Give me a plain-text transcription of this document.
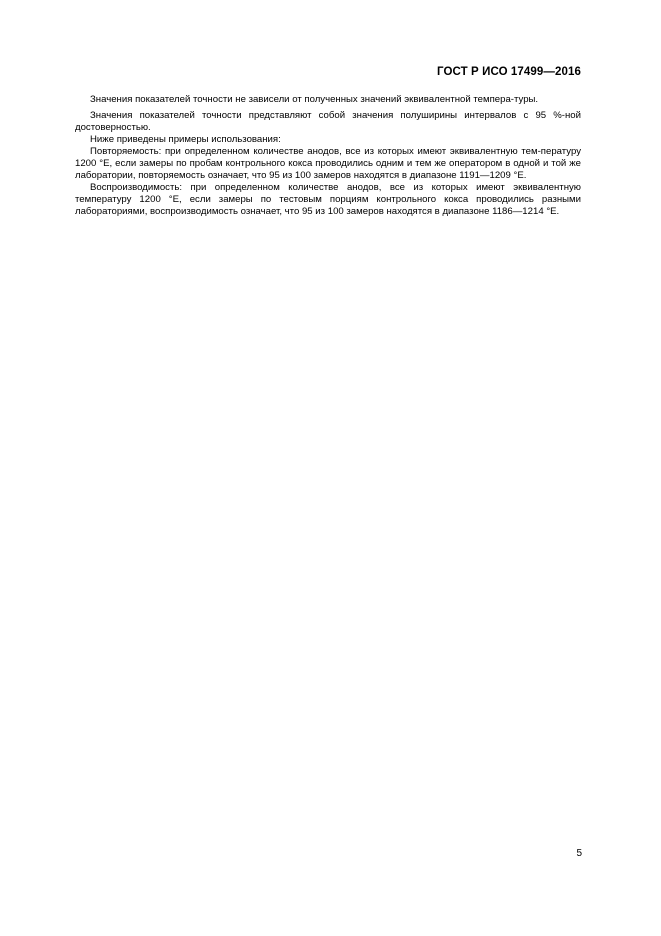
ГОСТ Р ИСО 17499—2016

Значения показателей точности не зависели от полученных значений эквивалентной темпера-туры.

Значения показателей точности представляют собой значения полуширины интервалов с 95 %-ной достоверностью.

Ниже приведены примеры использования:

Повторяемость: при определенном количестве анодов, все из которых имеют эквивалентную тем-пературу 1200 °Е, если замеры по пробам контрольного кокса проводились одним и тем же оператором в одной и той же лаборатории, повторяемость означает, что 95 из 100 замеров находятся в диапазоне 1191—1209 °Е.

Воспроизводимость: при определенном количестве анодов, все из которых имеют эквивалентную температуру 1200 °Е, если замеры по тестовым порциям контрольного кокса проводились разными лабораториями, воспроизводимость означает, что 95 из 100 замеров находятся в диапазоне 1186—1214 °Е.

5
